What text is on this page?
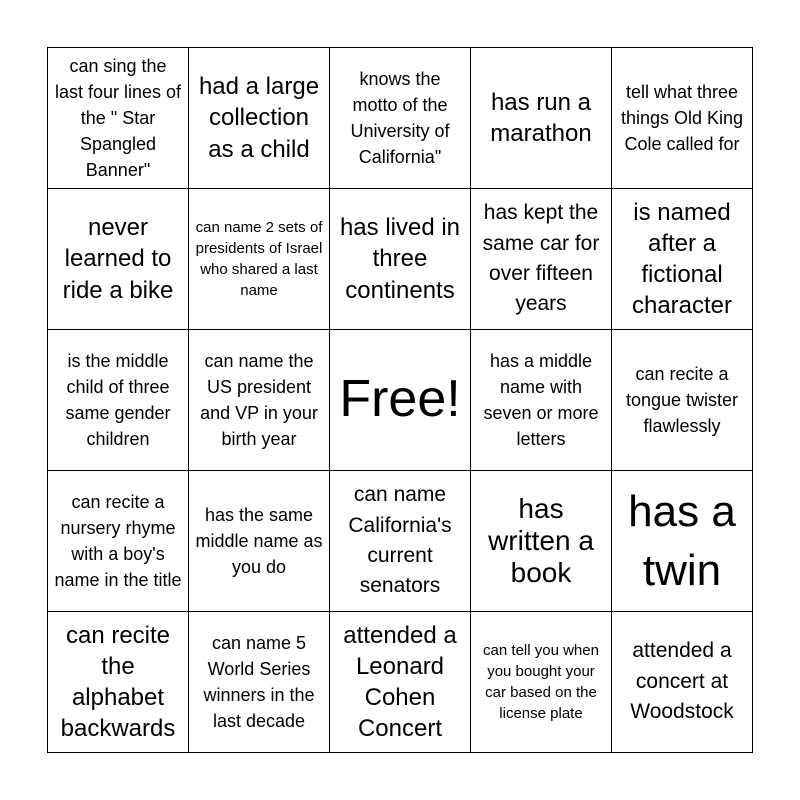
can sing the last four lines of the " Star Spangled Banner"
had a large collection as a child
knows the motto of the University of California"
has run a marathon
tell what three things Old King Cole called for
never learned to ride a bike
can name 2 sets of presidents of Israel who shared a last name
has lived in three continents
has kept the same car for over fifteen years
is named after a fictional character
is the middle child of three same gender children
can name the US president and VP in your birth year
Free!
has a middle name with seven or more letters
can recite a tongue twister flawlessly
can recite a nursery rhyme with a boy's name in the title
has the same middle name as you do
can name California's current senators
has written a book
has a twin
can recite the alphabet backwards
can name 5 World Series winners in the last decade
attended a Leonard Cohen Concert
can tell you when you bought your car based on the license plate
attended a concert at Woodstock
